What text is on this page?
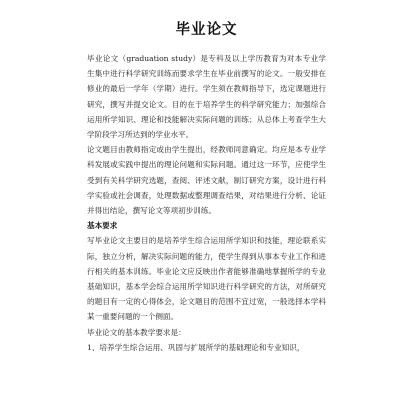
毕业论文

毕业论文（graduation study）是专科及以上学历教育为对本专业学生集中进行科学研究训练而要求学生在毕业前撰写的论文。一般安排在修业的最后一学年（学期）进行。学生须在教师指导下，选定课题进行研究，撰写并提交论文。目的在于培养学生的科学研究能力；加强综合运用所学知识、理论和技能解决实际问题的训练；从总体上考查学生大学阶段学习所达到的学业水平。

论文题目由教师指定或由学生提出，经教师同意确定。均应是本专业学科发展或实践中提出的理论问题和实际问题。通过这一环节，应使学生受到有关科学研究选题，查阅、评述文献，制订研究方案，设计进行科学实验或社会调查，处理数据或整理调查结果，对结果进行分析、论证并得出结论，撰写论文等项初步训练。

基本要求

写毕业论文主要目的是培养学生综合运用所学知识和技能，理论联系实际，独立分析，解决实际问题的能力，使学生得到从事本专业工作和进行相关的基本训练。毕业论文应反映出作者能够准确地掌握所学的专业基础知识，基本学会综合运用所学知识进行科学研究的方法，对所研究的题目有一定的心得体会，论文题目的范围不宜过宽，一般选择本学科某一重要问题的一个侧面。

毕业论文的基本教学要求是：

1、培养学生综合运用、巩固与扩展所学的基础理论和专业知识，
